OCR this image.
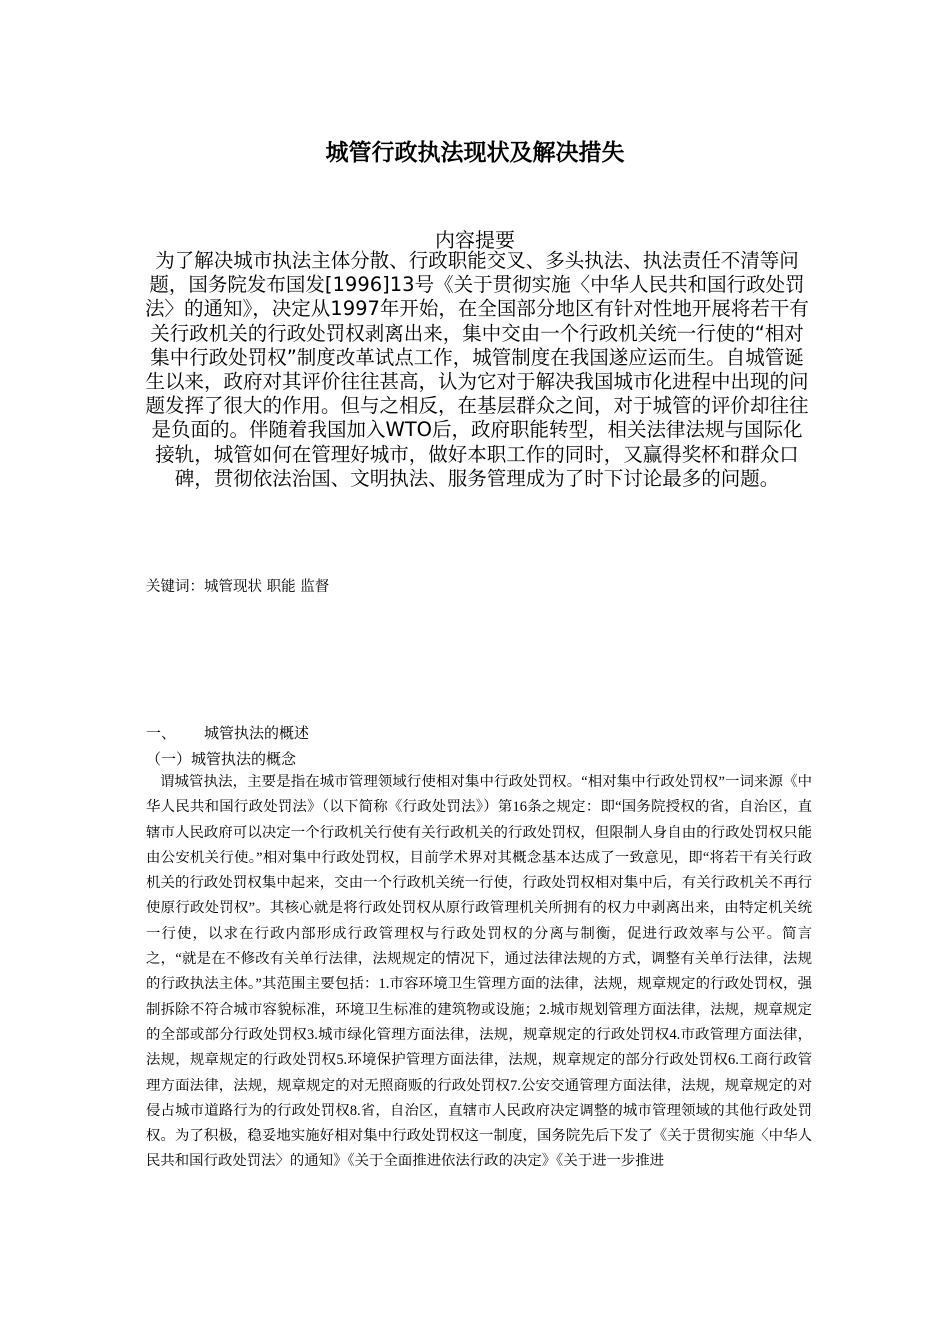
城管行政执法现状及解决措失
内容提要

为了解决城市执法主体分散、行政职能交叉、多头执法、执法责任不清等问题，国务院发布国发[1996]13号《关于贯彻实施〈中华人民共和国行政处罚法〉的通知》，决定从1997年开始，在全国部分地区有针对性地开展将若干有关行政机关的行政处罚权剥离出来，集中交由一个行政机关统一行使的“相对集中行政处罚权”制度改革试点工作，城管制度在我国遂应运而生。自城管诞生以来，政府对其评价往往甚高，认为它对于解决我国城市化进程中出现的问题发挥了很大的作用。但与之相反，在基层群众之间，对于城管的评价却往往是负面的。伴随着我国加入WTO后，政府职能转型，相关法律法规与国际化接轨，城管如何在管理好城市，做好本职工作的同时，又赢得奖杯和群众口碑，贯彻依法治国、文明执法、服务管理成为了时下讨论最多的问题。

关键词：城管现状 职能 监督
一、 城管执法的概述
（一）城管执法的概念

谓城管执法，主要是指在城市管理领域行使相对集中行政处罚权。“相对集中行政处罚权”一词来源《中华人民共和国行政处罚法》（以下简称《行政处罚法》）第16条之规定：即“国务院授权的省，自治区，直辖市人民政府可以决定一个行政机关行使有关行政机关的行政处罚权，但限制人身自由的行政处罚权只能由公安机关行使。”相对集中行政处罚权，目前学术界对其概念基本达成了一致意见，即“将若干有关行政机关的行政处罚权集中起来，交由一个行政机关统一行使，行政处罚权相对集中后，有关行政机关不再行使原行政处罚权”。其核心就是将行政处罚权从原行政管理机关所拥有的权力中剥离出来，由特定机关统一行使，以求在行政内部形成行政管理权与行政处罚权的分离与制衡，促进行政效率与公平。简言之，“就是在不修改有关单行法律，法规规定的情况下，通过法律法规的方式，调整有关单行法律，法规的行政执法主体。”其范围主要包括：1.市容环境卫生管理方面的法律，法规，规章规定的行政处罚权，强制拆除不符合城市容貌标准，环境卫生标准的建筑物或设施；2.城市规划管理方面法律，法规，规章规定的全部或部分行政处罚权3.城市绿化管理方面法律，法规，规章规定的行政处罚权4.市政管理方面法律，法规，规章规定的行政处罚权5.环境保护管理方面法律，法规，规章规定的部分行政处罚权6.工商行政管理方面法律，法规，规章规定的对无照商贩的行政处罚权7.公安交通管理方面法律，法规，规章规定的对侵占城市道路行为的行政处罚权8.省，自治区，直辖市人民政府决定调整的城市管理领域的其他行政处罚权。为了积极，稳妥地实施好相对集中行政处罚权这一制度，国务院先后下发了《关于贯彻实施〈中华人民共和国行政处罚法〉的通知》《关于全面推进依法行政的决定》《关于进一步推进
